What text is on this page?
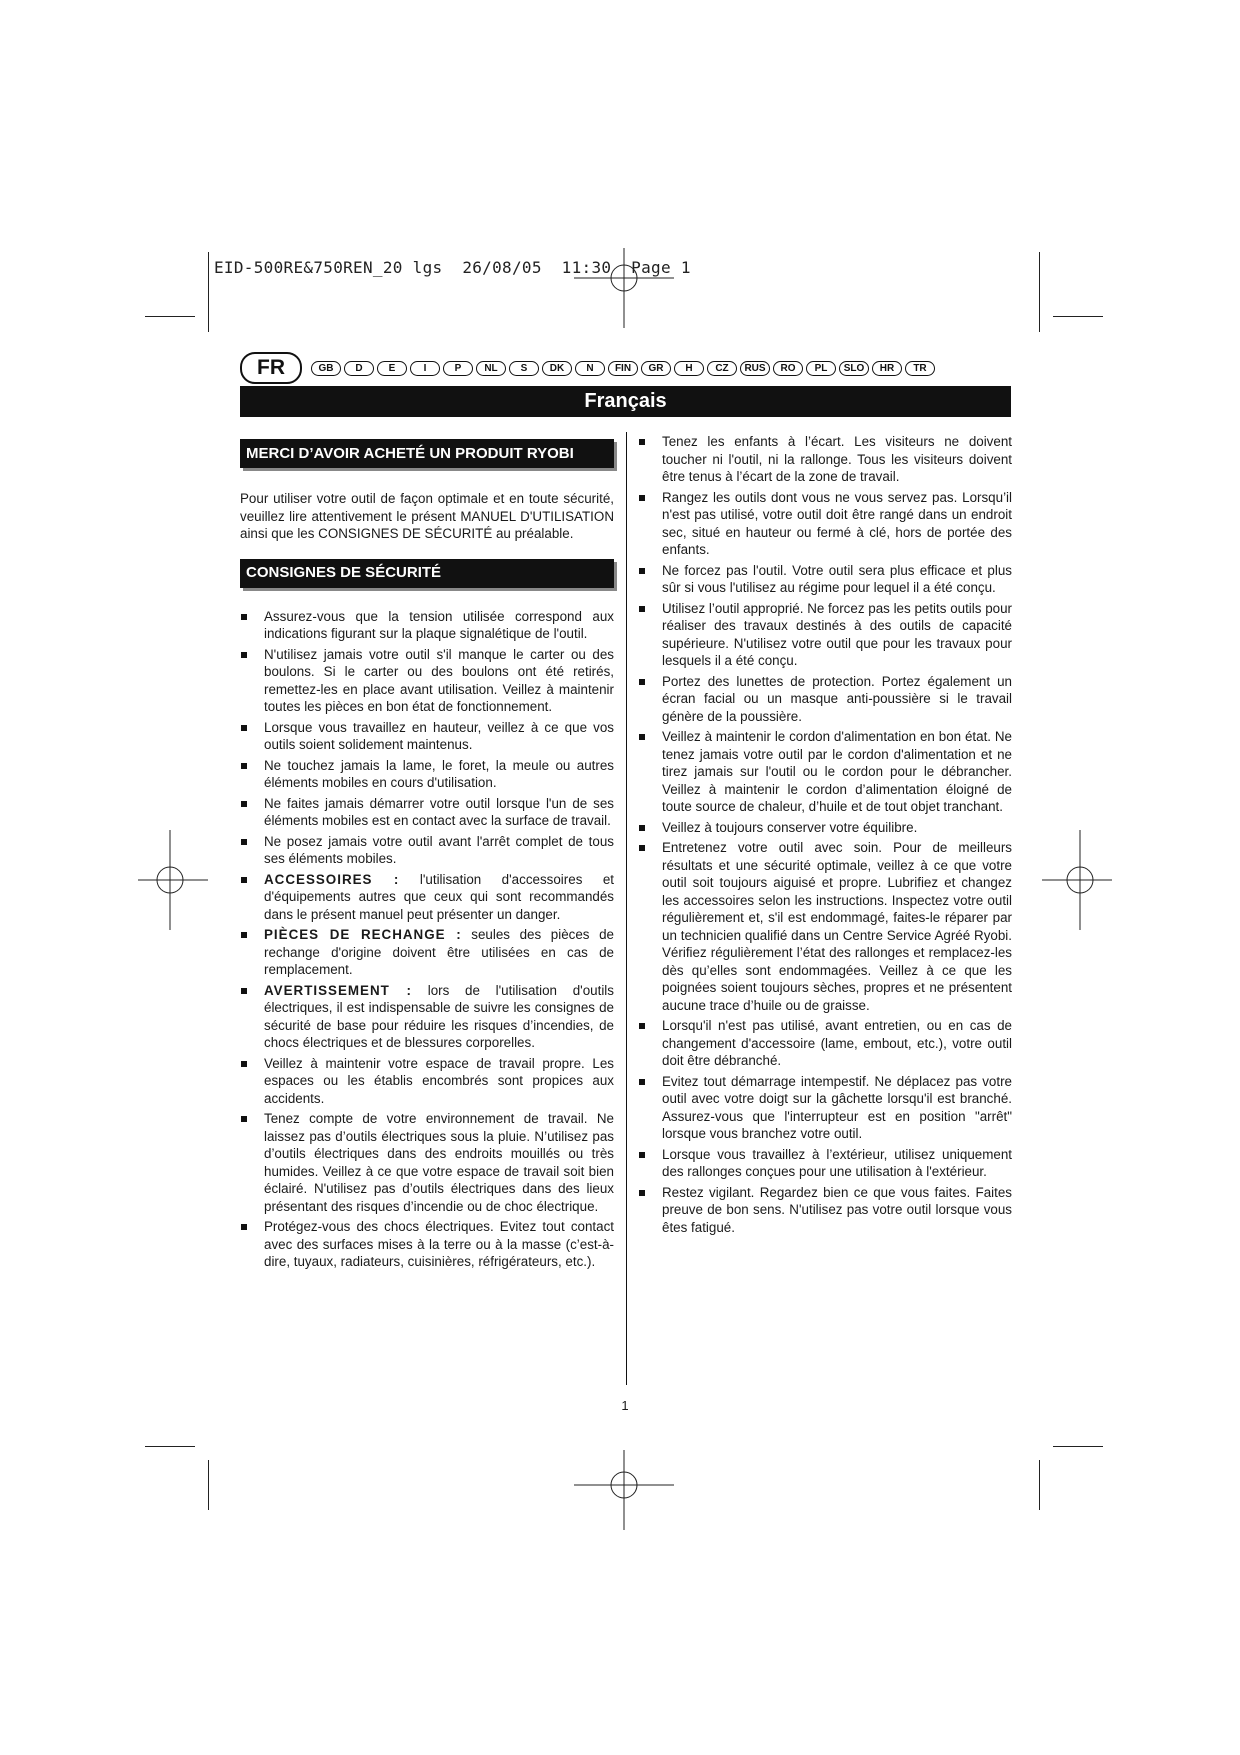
EID-500RE&750REN_20 lgs  26/08/05  11:30  Page 1
FR	GB	D	E	I	P	NL	S	DK	N	FIN	GR	H	CZ	RUS	RO	PL	SLO	HR	TR
Français
MERCI D’AVOIR ACHETÉ UN PRODUIT RYOBI

Pour utiliser votre outil de façon optimale et en toute sécurité, veuillez lire attentivement le présent MANUEL D'UTILISATION ainsi que les CONSIGNES DE SÉCURITÉ au préalable.

CONSIGNES DE SÉCURITÉ
Assurez-vous que la tension utilisée correspond aux indications figurant sur la plaque signalétique de l'outil.
N'utilisez jamais votre outil s'il manque le carter ou des boulons. Si le carter ou des boulons ont été retirés, remettez-les en place avant utilisation. Veillez à maintenir toutes les pièces en bon état de fonctionnement.
Lorsque vous travaillez en hauteur, veillez à ce que vos outils soient solidement maintenus.
Ne touchez jamais la lame, le foret, la meule ou autres éléments mobiles en cours d'utilisation.
Ne faites jamais démarrer votre outil lorsque l'un de ses éléments mobiles est en contact avec la surface de travail.
Ne posez jamais votre outil avant l'arrêt complet de tous ses éléments mobiles.
ACCESSOIRES : l'utilisation d'accessoires et d'équipements autres que ceux qui sont recommandés dans le présent manuel peut présenter un danger.
PIÈCES DE RECHANGE : seules des pièces de rechange d'origine doivent être utilisées en cas de remplacement.
AVERTISSEMENT : lors de l'utilisation d'outils électriques, il est indispensable de suivre les consignes de sécurité de base pour réduire les risques d’incendies, de chocs électriques et de blessures corporelles.
Veillez à maintenir votre espace de travail propre. Les espaces ou les établis encombrés sont propices aux accidents.
Tenez compte de votre environnement de travail. Ne laissez pas d’outils électriques sous la pluie. N’utilisez pas d’outils électriques dans des endroits mouillés ou très humides. Veillez à ce que votre espace de travail soit bien éclairé. N'utilisez pas d’outils électriques dans des lieux présentant des risques d’incendie ou de choc électrique.
Protégez-vous des chocs électriques. Evitez tout contact avec des surfaces mises à la terre ou à la masse (c’est-à-dire, tuyaux, radiateurs, cuisinières, réfrigérateurs, etc.).
Tenez les enfants à l’écart. Les visiteurs ne doivent toucher ni l'outil, ni la rallonge. Tous les visiteurs doivent être tenus à l’écart de la zone de travail.
Rangez les outils dont vous ne vous servez pas. Lorsqu’il n'est pas utilisé, votre outil doit être rangé dans un endroit sec, situé en hauteur ou fermé à clé, hors de portée des enfants.
Ne forcez pas l'outil. Votre outil sera plus efficace et plus sûr si vous l'utilisez au régime pour lequel il a été conçu.
Utilisez l’outil approprié. Ne forcez pas les petits outils pour réaliser des travaux destinés à des outils de capacité supérieure. N'utilisez votre outil que pour les travaux pour lesquels il a été conçu.
Portez des lunettes de protection. Portez également un écran facial ou un masque anti-poussière si le travail génère de la poussière.
Veillez à maintenir le cordon d'alimentation en bon état. Ne tenez jamais votre outil par le cordon d'alimentation et ne tirez jamais sur l'outil ou le cordon pour le débrancher. Veillez à maintenir le cordon d’alimentation éloigné de toute source de chaleur, d’huile et de tout objet tranchant.
Veillez à toujours conserver votre équilibre.
Entretenez votre outil avec soin. Pour de meilleurs résultats et une sécurité optimale, veillez à ce que votre outil soit toujours aiguisé et propre. Lubrifiez et changez les accessoires selon les instructions. Inspectez votre outil régulièrement et, s'il est endommagé, faites-le réparer par un technicien qualifié dans un Centre Service Agréé Ryobi. Vérifiez régulièrement l’état des rallonges et remplacez-les dès qu’elles sont endommagées. Veillez à ce que les poignées soient toujours sèches, propres et ne présentent aucune trace d’huile ou de graisse.
Lorsqu'il n'est pas utilisé, avant entretien, ou en cas de changement d'accessoire (lame, embout, etc.), votre outil doit être débranché.
Evitez tout démarrage intempestif. Ne déplacez pas votre outil avec votre doigt sur la gâchette lorsqu'il est branché. Assurez-vous que l'interrupteur est en position "arrêt" lorsque vous branchez votre outil.
Lorsque vous travaillez à l’extérieur, utilisez uniquement des rallonges conçues pour une utilisation à l'extérieur.
Restez vigilant. Regardez bien ce que vous faites. Faites preuve de bon sens. N'utilisez pas votre outil lorsque vous êtes fatigué.
1
